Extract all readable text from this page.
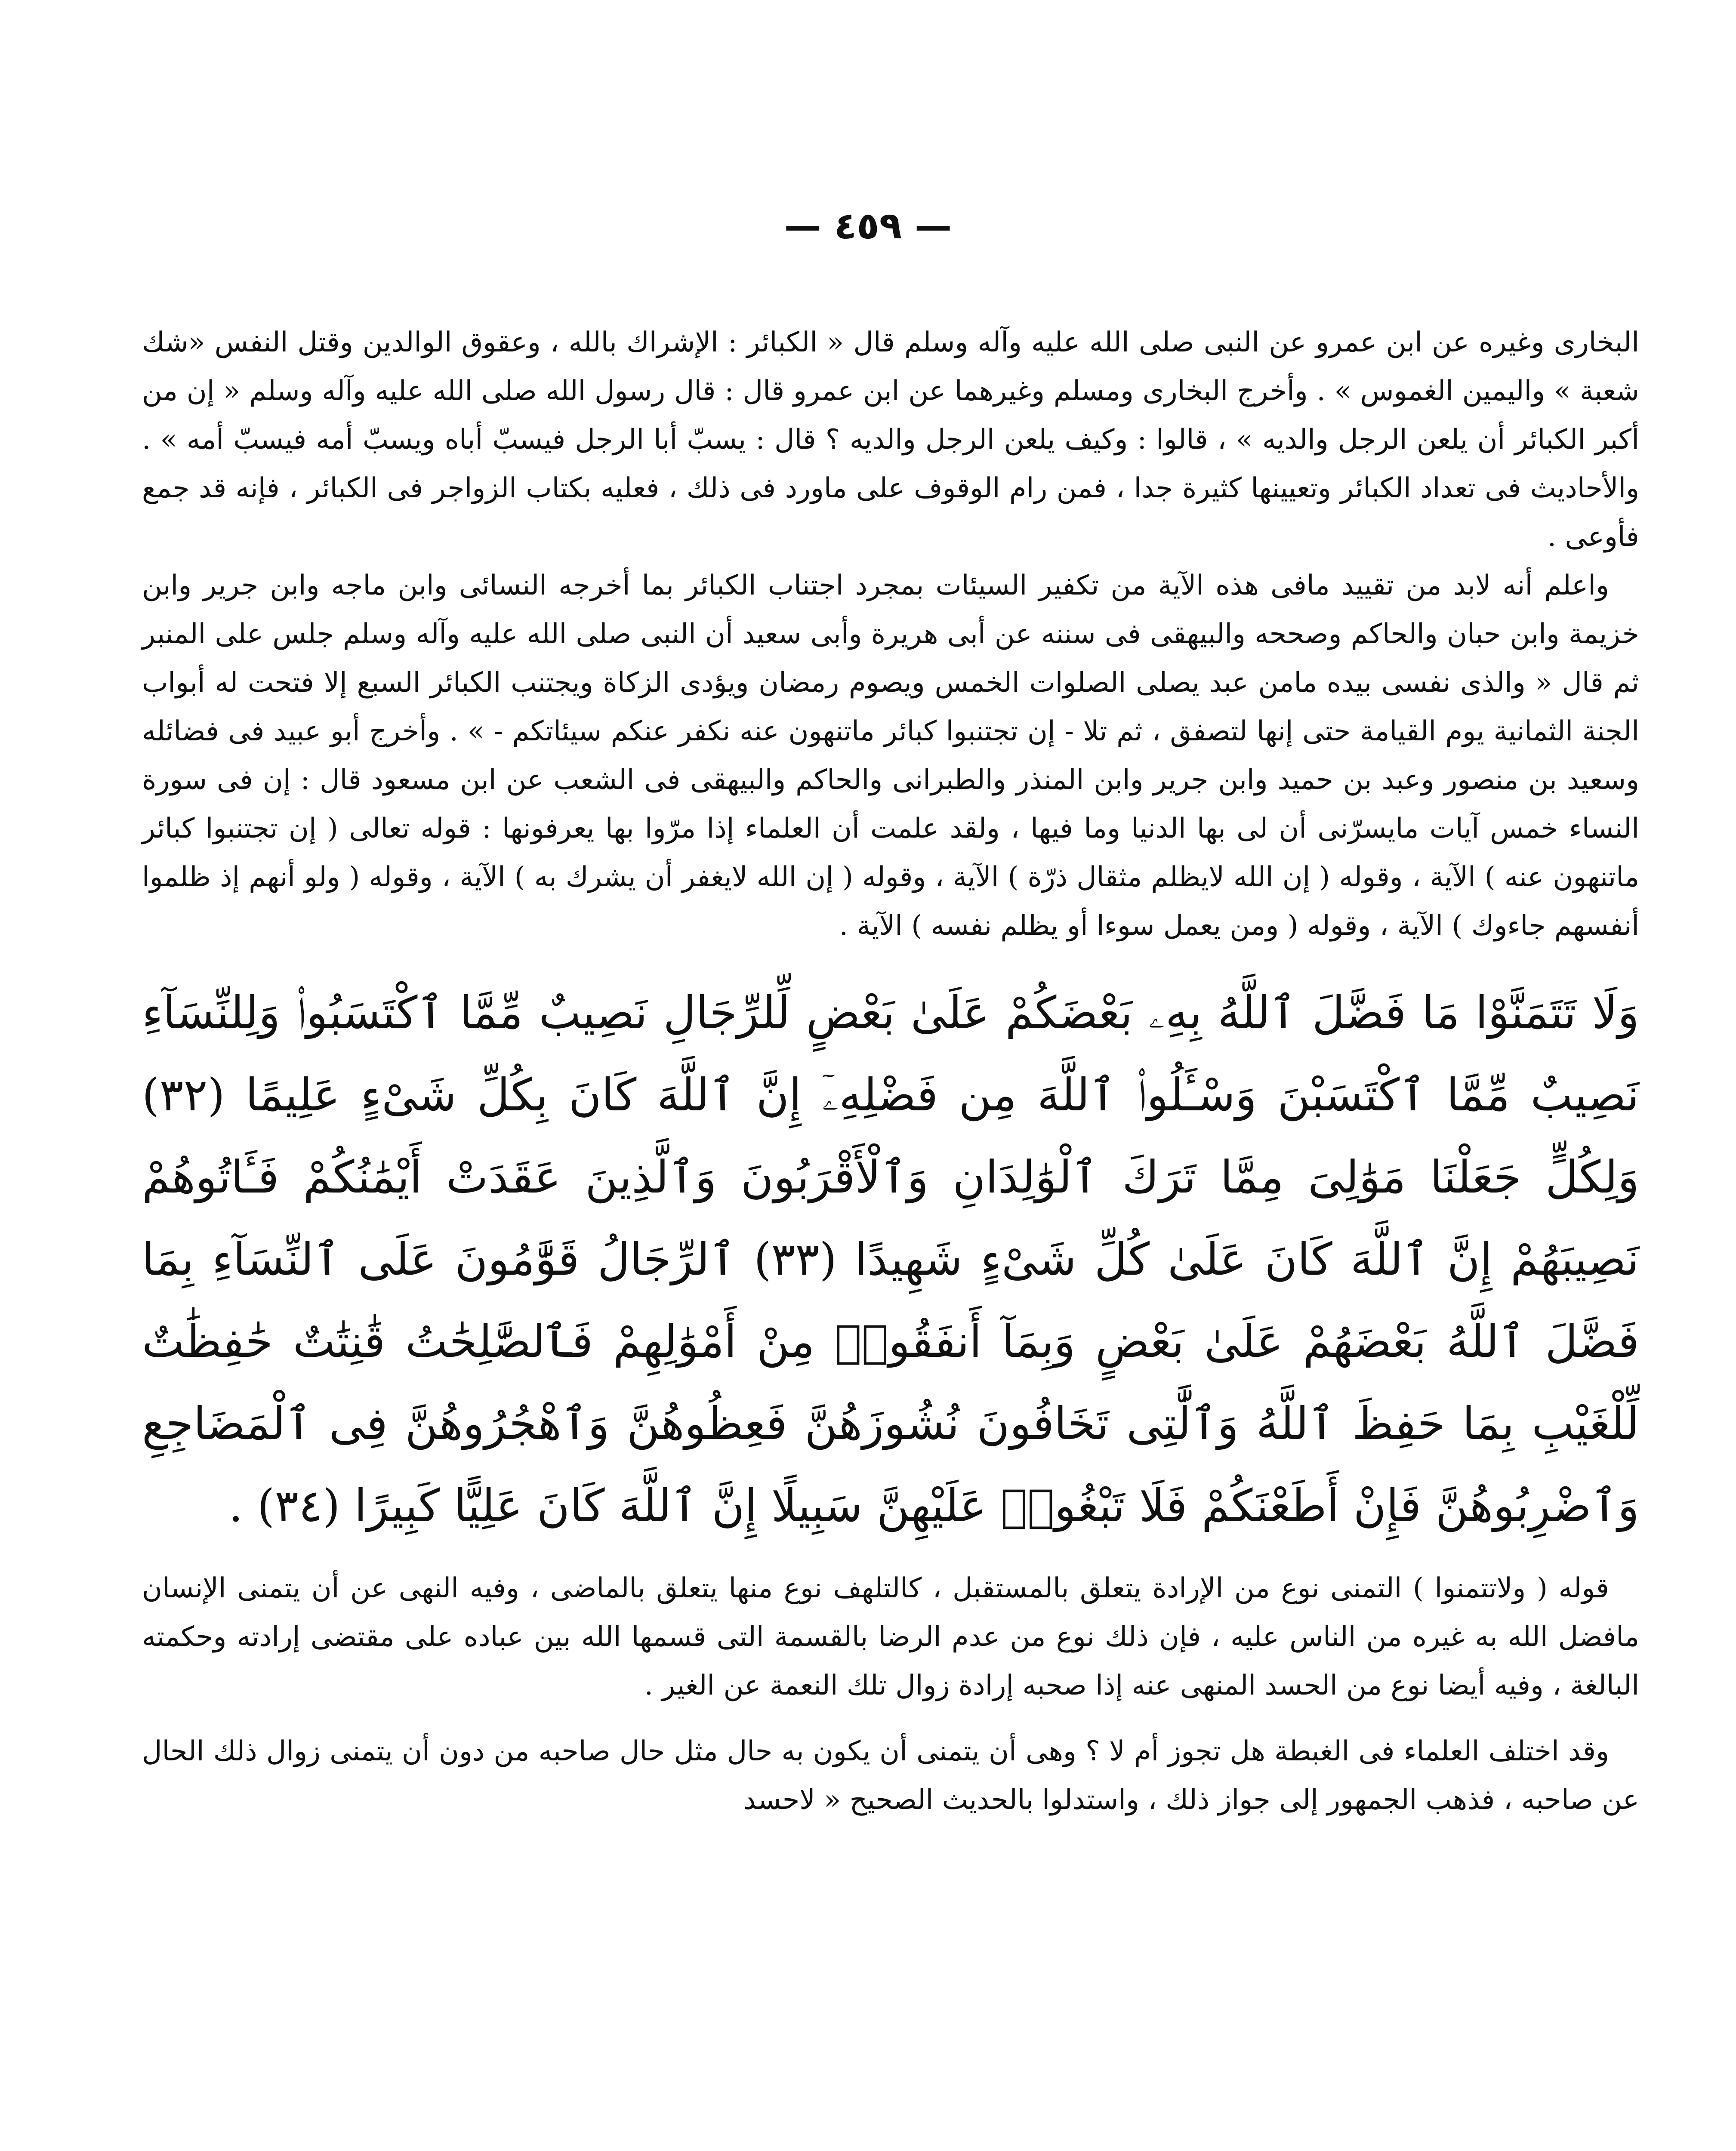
— ٤٥٩ —

البخارى وغيره عن ابن عمرو عن النبى صلى الله عليه وآله وسلم قال « الكبائر : الإشراك بالله ، وعقوق الوالدين وقتل النفس «شك شعبة » واليمين الغموس » . وأخرج البخارى ومسلم وغيرهما عن ابن عمرو قال : قال رسول الله صلى الله عليه وآله وسلم « إن من أكبر الكبائر أن يلعن الرجل والديه » ، قالوا : وكيف يلعن الرجل والديه ؟ قال : يسبّ أبا الرجل فيسبّ أباه ويسبّ أمه فيسبّ أمه » . والأحاديث فى تعداد الكبائر وتعيينها كثيرة جدا ، فمن رام الوقوف على ماورد فى ذلك ، فعليه بكتاب الزواجر فى الكبائر ، فإنه قد جمع فأوعى .

واعلم أنه لابد من تقييد مافى هذه الآية من تكفير السيئات بمجرد اجتناب الكبائر بما أخرجه النسائى وابن ماجه وابن جرير وابن خزيمة وابن حبان والحاكم وصححه والبيهقى فى سننه عن أبى هريرة وأبى سعيد أن النبى صلى الله عليه وآله وسلم جلس على المنبر ثم قال « والذى نفسى بيده مامن عبد يصلى الصلوات الخمس ويصوم رمضان ويؤدى الزكاة ويجتنب الكبائر السبع إلا فتحت له أبواب الجنة الثمانية يوم القيامة حتى إنها لتصفق ، ثم تلا - إن تجتنبوا كبائر ماتنهون عنه نكفر عنكم سيئاتكم - » . وأخرج أبو عبيد فى فضائله وسعيد بن منصور وعبد بن حميد وابن جرير وابن المنذر والطبرانى والحاكم والبيهقى فى الشعب عن ابن مسعود قال : إن فى سورة النساء خمس آيات مايسرّنى أن لى بها الدنيا وما فيها ، ولقد علمت أن العلماء إذا مرّوا بها يعرفونها : قوله تعالى ( إن تجتنبوا كبائر ماتنهون عنه ) الآية ، وقوله ( إن الله لايظلم مثقال ذرّة ) الآية ، وقوله ( إن الله لايغفر أن يشرك به ) الآية ، وقوله ( ولو أنهم إذ ظلموا أنفسهم جاءوك ) الآية ، وقوله ( ومن يعمل سوءا أو يظلم نفسه ) الآية .

وَلَا تَتَمَنَّوْا مَا فَضَّلَ ٱللَّهُ بِهِۦ بَعْضَكُمْ عَلَىٰ بَعْضٍ لِّلرِّجَالِ نَصِيبٌ مِّمَّا ٱكْتَسَبُوا۟ وَلِلنِّسَآءِ نَصِيبٌ مِّمَّا ٱكْتَسَبْنَ وَسْـَٔلُوا۟ ٱللَّهَ مِن فَضْلِهِۦٓ إِنَّ ٱللَّهَ كَانَ بِكُلِّ شَىْءٍ عَلِيمًا (٣٢) وَلِكُلٍّ جَعَلْنَا مَوَٰلِىَ مِمَّا تَرَكَ ٱلْوَٰلِدَانِ وَٱلْأَقْرَبُونَ وَٱلَّذِينَ عَقَدَتْ أَيْمَٰنُكُمْ فَـَٔاتُوهُمْ نَصِيبَهُمْ إِنَّ ٱللَّهَ كَانَ عَلَىٰ كُلِّ شَىْءٍ شَهِيدًا (٣٣) ٱلرِّجَالُ قَوَّٰمُونَ عَلَى ٱلنِّسَآءِ بِمَا فَضَّلَ ٱللَّهُ بَعْضَهُمْ عَلَىٰ بَعْضٍ وَبِمَآ أَنفَقُوا۟ مِنْ أَمْوَٰلِهِمْ فَٱلصَّٰلِحَٰتُ قَٰنِتَٰتٌ حَٰفِظَٰتٌ لِّلْغَيْبِ بِمَا حَفِظَ ٱللَّهُ وَٱلَّٰتِى تَخَافُونَ نُشُوزَهُنَّ فَعِظُوهُنَّ وَٱهْجُرُوهُنَّ فِى ٱلْمَضَاجِعِ وَٱضْرِبُوهُنَّ فَإِنْ أَطَعْنَكُمْ فَلَا تَبْغُوا۟ عَلَيْهِنَّ سَبِيلًا إِنَّ ٱللَّهَ كَانَ عَلِيًّا كَبِيرًا (٣٤) .

قوله ( ولاتتمنوا ) التمنى نوع من الإرادة يتعلق بالمستقبل ، كالتلهف نوع منها يتعلق بالماضى ، وفيه النهى عن أن يتمنى الإنسان مافضل الله به غيره من الناس عليه ، فإن ذلك نوع من عدم الرضا بالقسمة التى قسمها الله بين عباده على مقتضى إرادته وحكمته البالغة ، وفيه أيضا نوع من الحسد المنهى عنه إذا صحبه إرادة زوال تلك النعمة عن الغير .

وقد اختلف العلماء فى الغبطة هل تجوز أم لا ؟ وهى أن يتمنى أن يكون به حال مثل حال صاحبه من دون أن يتمنى زوال ذلك الحال عن صاحبه ، فذهب الجمهور إلى جواز ذلك ، واستدلوا بالحديث الصحيح « لاحسد
